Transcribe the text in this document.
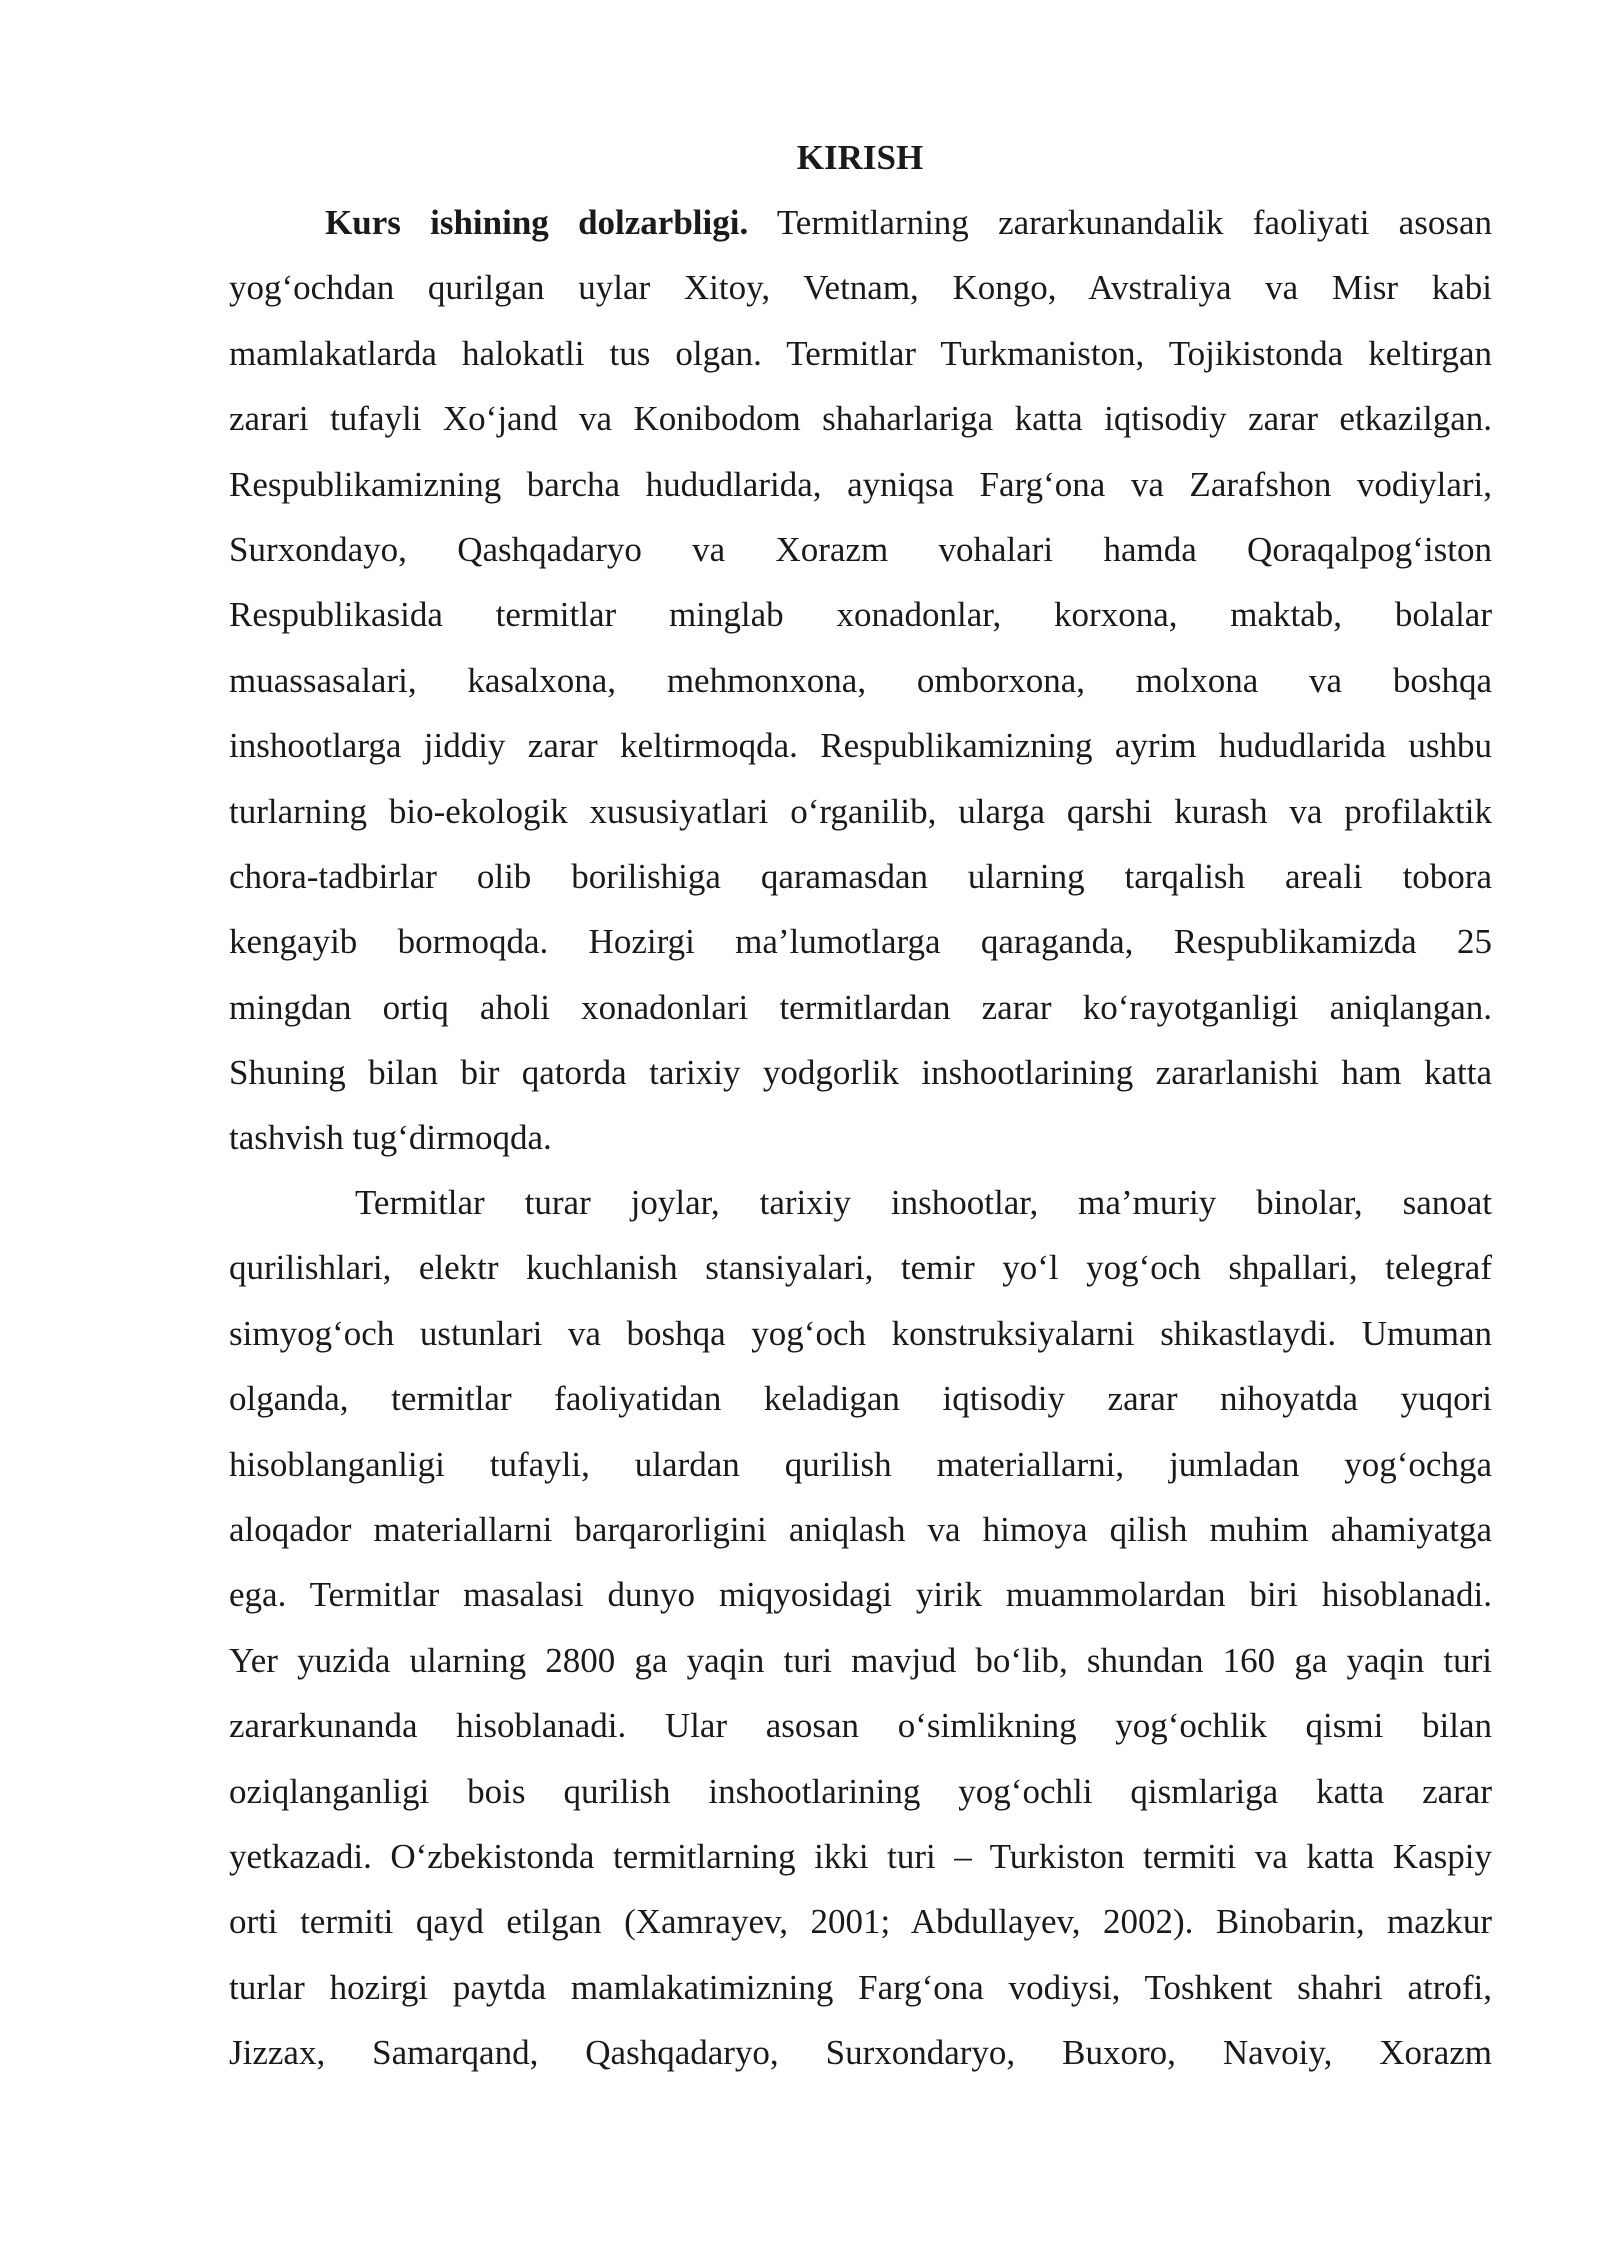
KIRISH
Kurs ishining dolzarbligi. Termitlarning zararkunandalik faoliyati asosan
yog‘ochdan qurilgan uylar Xitoy, Vetnam, Kongo, Avstraliya va Misr kabi
mamlakatlarda halokatli tus olgan. Termitlar Turkmaniston, Tojikistonda keltirgan
zarari tufayli Xo‘jand va Konibodom shaharlariga katta iqtisodiy zarar etkazilgan.
Respublikamizning barcha hududlarida, ayniqsa Farg‘ona va Zarafshon vodiylari,
Surxondayo, Qashqadaryo va Xorazm vohalari hamda Qoraqalpog‘iston
Respublikasida termitlar minglab xonadonlar, korxona, maktab, bolalar
muassasalari, kasalxona, mehmonxona, omborxona, molxona va boshqa
inshootlarga jiddiy zarar keltirmoqda. Respublikamizning ayrim hududlarida ushbu
turlarning bio-ekologik xususiyatlari o‘rganilib, ularga qarshi kurash va profilaktik
chora-tadbirlar olib borilishiga qaramasdan ularning tarqalish areali tobora
kengayib bormoqda. Hozirgi ma’lumotlarga qaraganda, Respublikamizda 25
mingdan ortiq aholi xonadonlari termitlardan zarar ko‘rayotganligi aniqlangan.
Shuning bilan bir qatorda tarixiy yodgorlik inshootlarining zararlanishi ham katta
tashvish tug‘dirmoqda.
Termitlar turar joylar, tarixiy inshootlar, ma’muriy binolar, sanoat
qurilishlari, elektr kuchlanish stansiyalari, temir yo‘l yog‘och shpallari, telegraf
simyog‘och ustunlari va boshqa yog‘och konstruksiyalarni shikastlaydi. Umuman
olganda, termitlar faoliyatidan keladigan iqtisodiy zarar nihoyatda yuqori
hisoblanganligi tufayli, ulardan qurilish materiallarni, jumladan yog‘ochga
aloqador materiallarni barqarorligini aniqlash va himoya qilish muhim ahamiyatga
ega. Termitlar masalasi dunyo miqyosidagi yirik muammolardan biri hisoblanadi.
Yer yuzida ularning 2800 ga yaqin turi mavjud bo‘lib, shundan 160 ga yaqin turi
zararkunanda hisoblanadi. Ular asosan o‘simlikning yog‘ochlik qismi bilan
oziqlanganligi bois qurilish inshootlarining yog‘ochli qismlariga katta zarar
yetkazadi. O‘zbekistonda termitlarning ikki turi – Turkiston termiti va katta Kaspiy
orti termiti qayd etilgan (Xamrayev, 2001; Abdullayev, 2002). Binobarin, mazkur
turlar hozirgi paytda mamlakatimizning Farg‘ona vodiysi, Toshkent shahri atrofi,
Jizzax, Samarqand, Qashqadaryo, Surxondaryo, Buxoro, Navoiy, Xorazm
